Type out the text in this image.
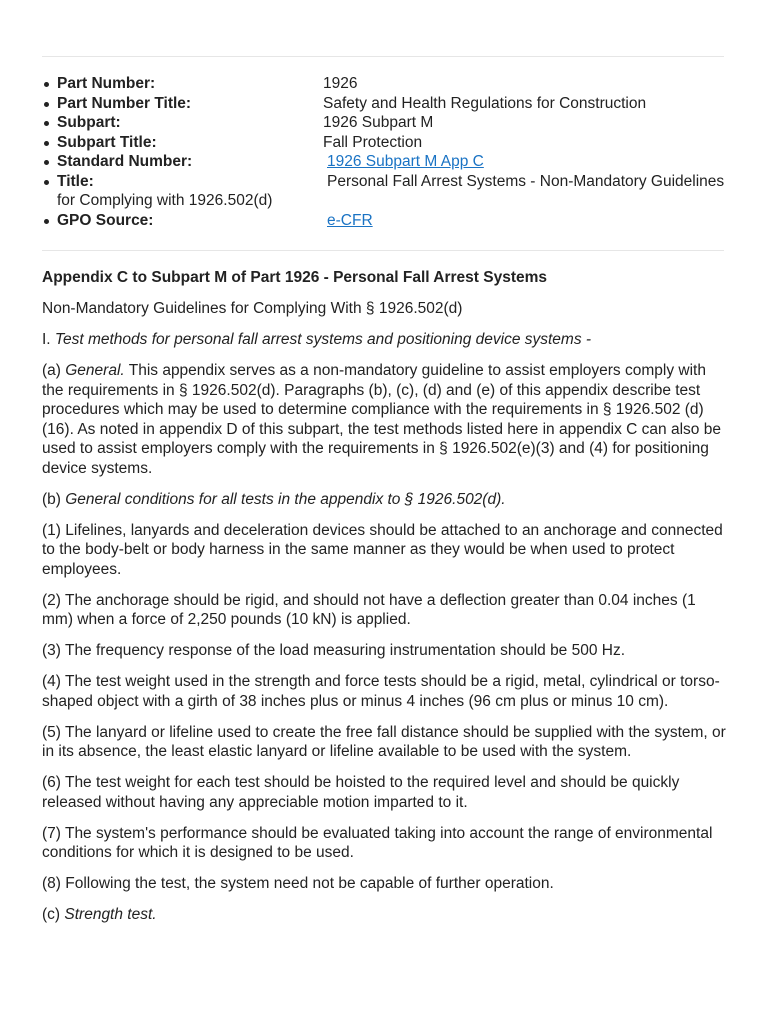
Part Number:	1926
Part Number Title:	Safety and Health Regulations for Construction
Subpart:	1926 Subpart M
Subpart Title:	Fall Protection
Standard Number:	1926 Subpart M App C
Title:	Personal Fall Arrest Systems - Non-Mandatory Guidelines for Complying with 1926.502(d)
GPO Source:	e-CFR

Appendix C to Subpart M of Part 1926 - Personal Fall Arrest Systems

Non-Mandatory Guidelines for Complying With § 1926.502(d)

I. Test methods for personal fall arrest systems and positioning device systems -

(a) General. This appendix serves as a non-mandatory guideline to assist employers comply with the requirements in § 1926.502(d). Paragraphs (b), (c), (d) and (e) of this appendix describe test procedures which may be used to determine compliance with the requirements in § 1926.502 (d)(16). As noted in appendix D of this subpart, the test methods listed here in appendix C can also be used to assist employers comply with the requirements in § 1926.502(e)(3) and (4) for positioning device systems.

(b) General conditions for all tests in the appendix to § 1926.502(d).

(1) Lifelines, lanyards and deceleration devices should be attached to an anchorage and connected to the body-belt or body harness in the same manner as they would be when used to protect employees.

(2) The anchorage should be rigid, and should not have a deflection greater than 0.04 inches (1 mm) when a force of 2,250 pounds (10 kN) is applied.

(3) The frequency response of the load measuring instrumentation should be 500 Hz.

(4) The test weight used in the strength and force tests should be a rigid, metal, cylindrical or torso-shaped object with a girth of 38 inches plus or minus 4 inches (96 cm plus or minus 10 cm).

(5) The lanyard or lifeline used to create the free fall distance should be supplied with the system, or in its absence, the least elastic lanyard or lifeline available to be used with the system.

(6) The test weight for each test should be hoisted to the required level and should be quickly released without having any appreciable motion imparted to it.

(7) The system's performance should be evaluated taking into account the range of environmental conditions for which it is designed to be used.

(8) Following the test, the system need not be capable of further operation.

(c) Strength test.
